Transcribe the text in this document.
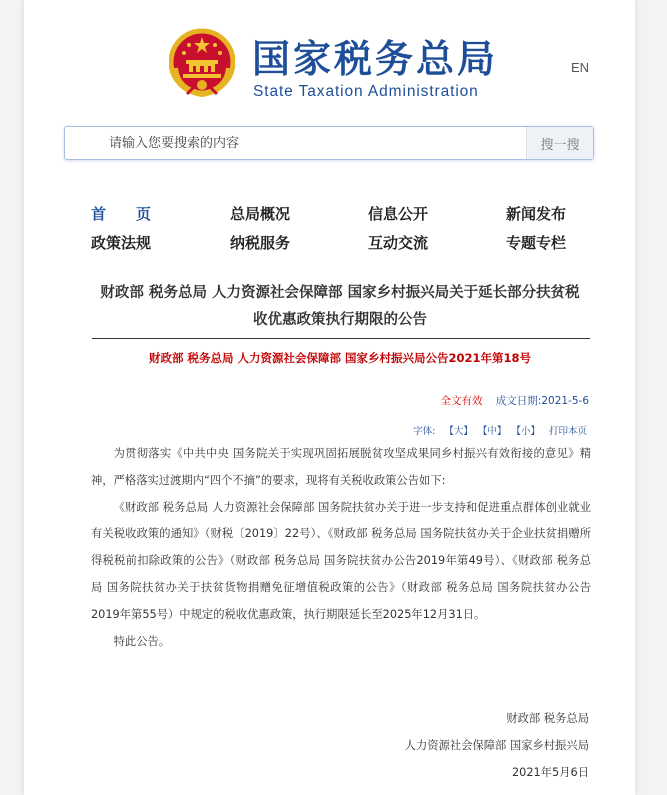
国家税务总局
State Taxation Administration
EN
请输入您要搜索的内容
搜一搜
首　　页	总局概况	信息公开	新闻发布
政策法规	纳税服务	互动交流	专题专栏
财政部 税务总局 人力资源社会保障部 国家乡村振兴局关于延长部分扶贫税
收优惠政策执行期限的公告
财政部 税务总局 人力资源社会保障部 国家乡村振兴局公告2021年第18号
全文有效 成文日期:2021-5-6
字体: 【大】 【中】 【小】 打印本页

为贯彻落实《中共中央 国务院关于实现巩固拓展脱贫攻坚成果同乡村振兴有效衔接的意见》精神，严格落实过渡期内“四个不摘”的要求，现将有关税收政策公告如下:

《财政部 税务总局 人力资源社会保障部 国务院扶贫办关于进一步支持和促进重点群体创业就业有关税收政策的通知》（财税〔2019〕22号）、《财政部 税务总局 国务院扶贫办关于企业扶贫捐赠所得税税前扣除政策的公告》（财政部 税务总局 国务院扶贫办公告2019年第49号）、《财政部 税务总局 国务院扶贫办关于扶贫货物捐赠免征增值税政策的公告》（财政部 税务总局 国务院扶贫办公告2019年第55号）中规定的税收优惠政策，执行期限延长至2025年12月31日。

特此公告。

财政部 税务总局
人力资源社会保障部 国家乡村振兴局
2021年5月6日
